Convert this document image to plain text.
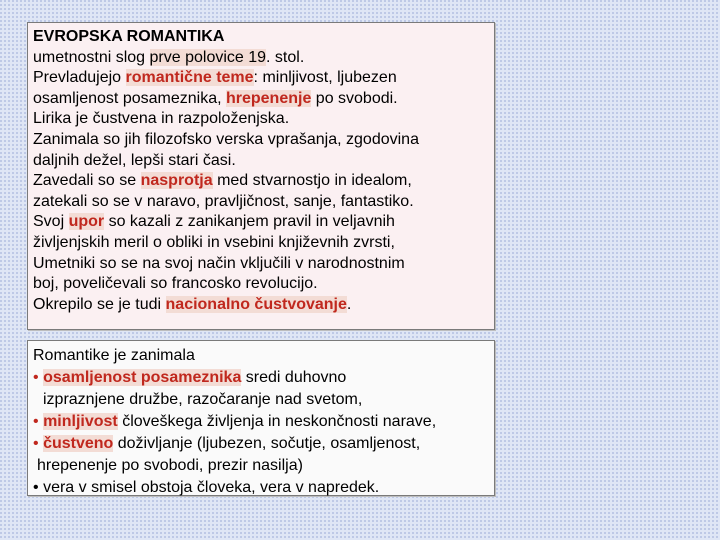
EVROPSKA ROMANTIKA
umetnostni slog prve polovice 19. stol.
Prevladujejo romantične teme: minljivost, ljubezen
osamljenost posameznika, hrepenenje po svobodi.
Lirika je čustvena in razpoloženjska.
Zanimala so jih filozofsko verska vprašanja, zgodovina
daljnih dežel, lepši stari časi.
Zavedali so se nasprotja med stvarnostjo in idealom,
zatekali so se v naravo, pravljičnost, sanje, fantastiko.
Svoj upor so kazali z zanikanjem pravil in veljavnih
življenjskih meril o obliki in vsebini književnih zvrsti,
Umetniki so se na svoj način vključili v narodnostnim
boj, poveličevali so francosko revolucijo.
Okrepilo se je tudi nacionalno čustvovanje.
Romantike je zanimala
• osamljenost posameznika sredi duhovno
izpraznjene družbe, razočaranje nad svetom,
• minljivost človeškega življenja in neskončnosti narave,
• čustveno doživljanje (ljubezen, sočutje, osamljenost,
hrepenenje po svobodi, prezir nasilja)
• vera v smisel obstoja človeka, vera v napredek.
